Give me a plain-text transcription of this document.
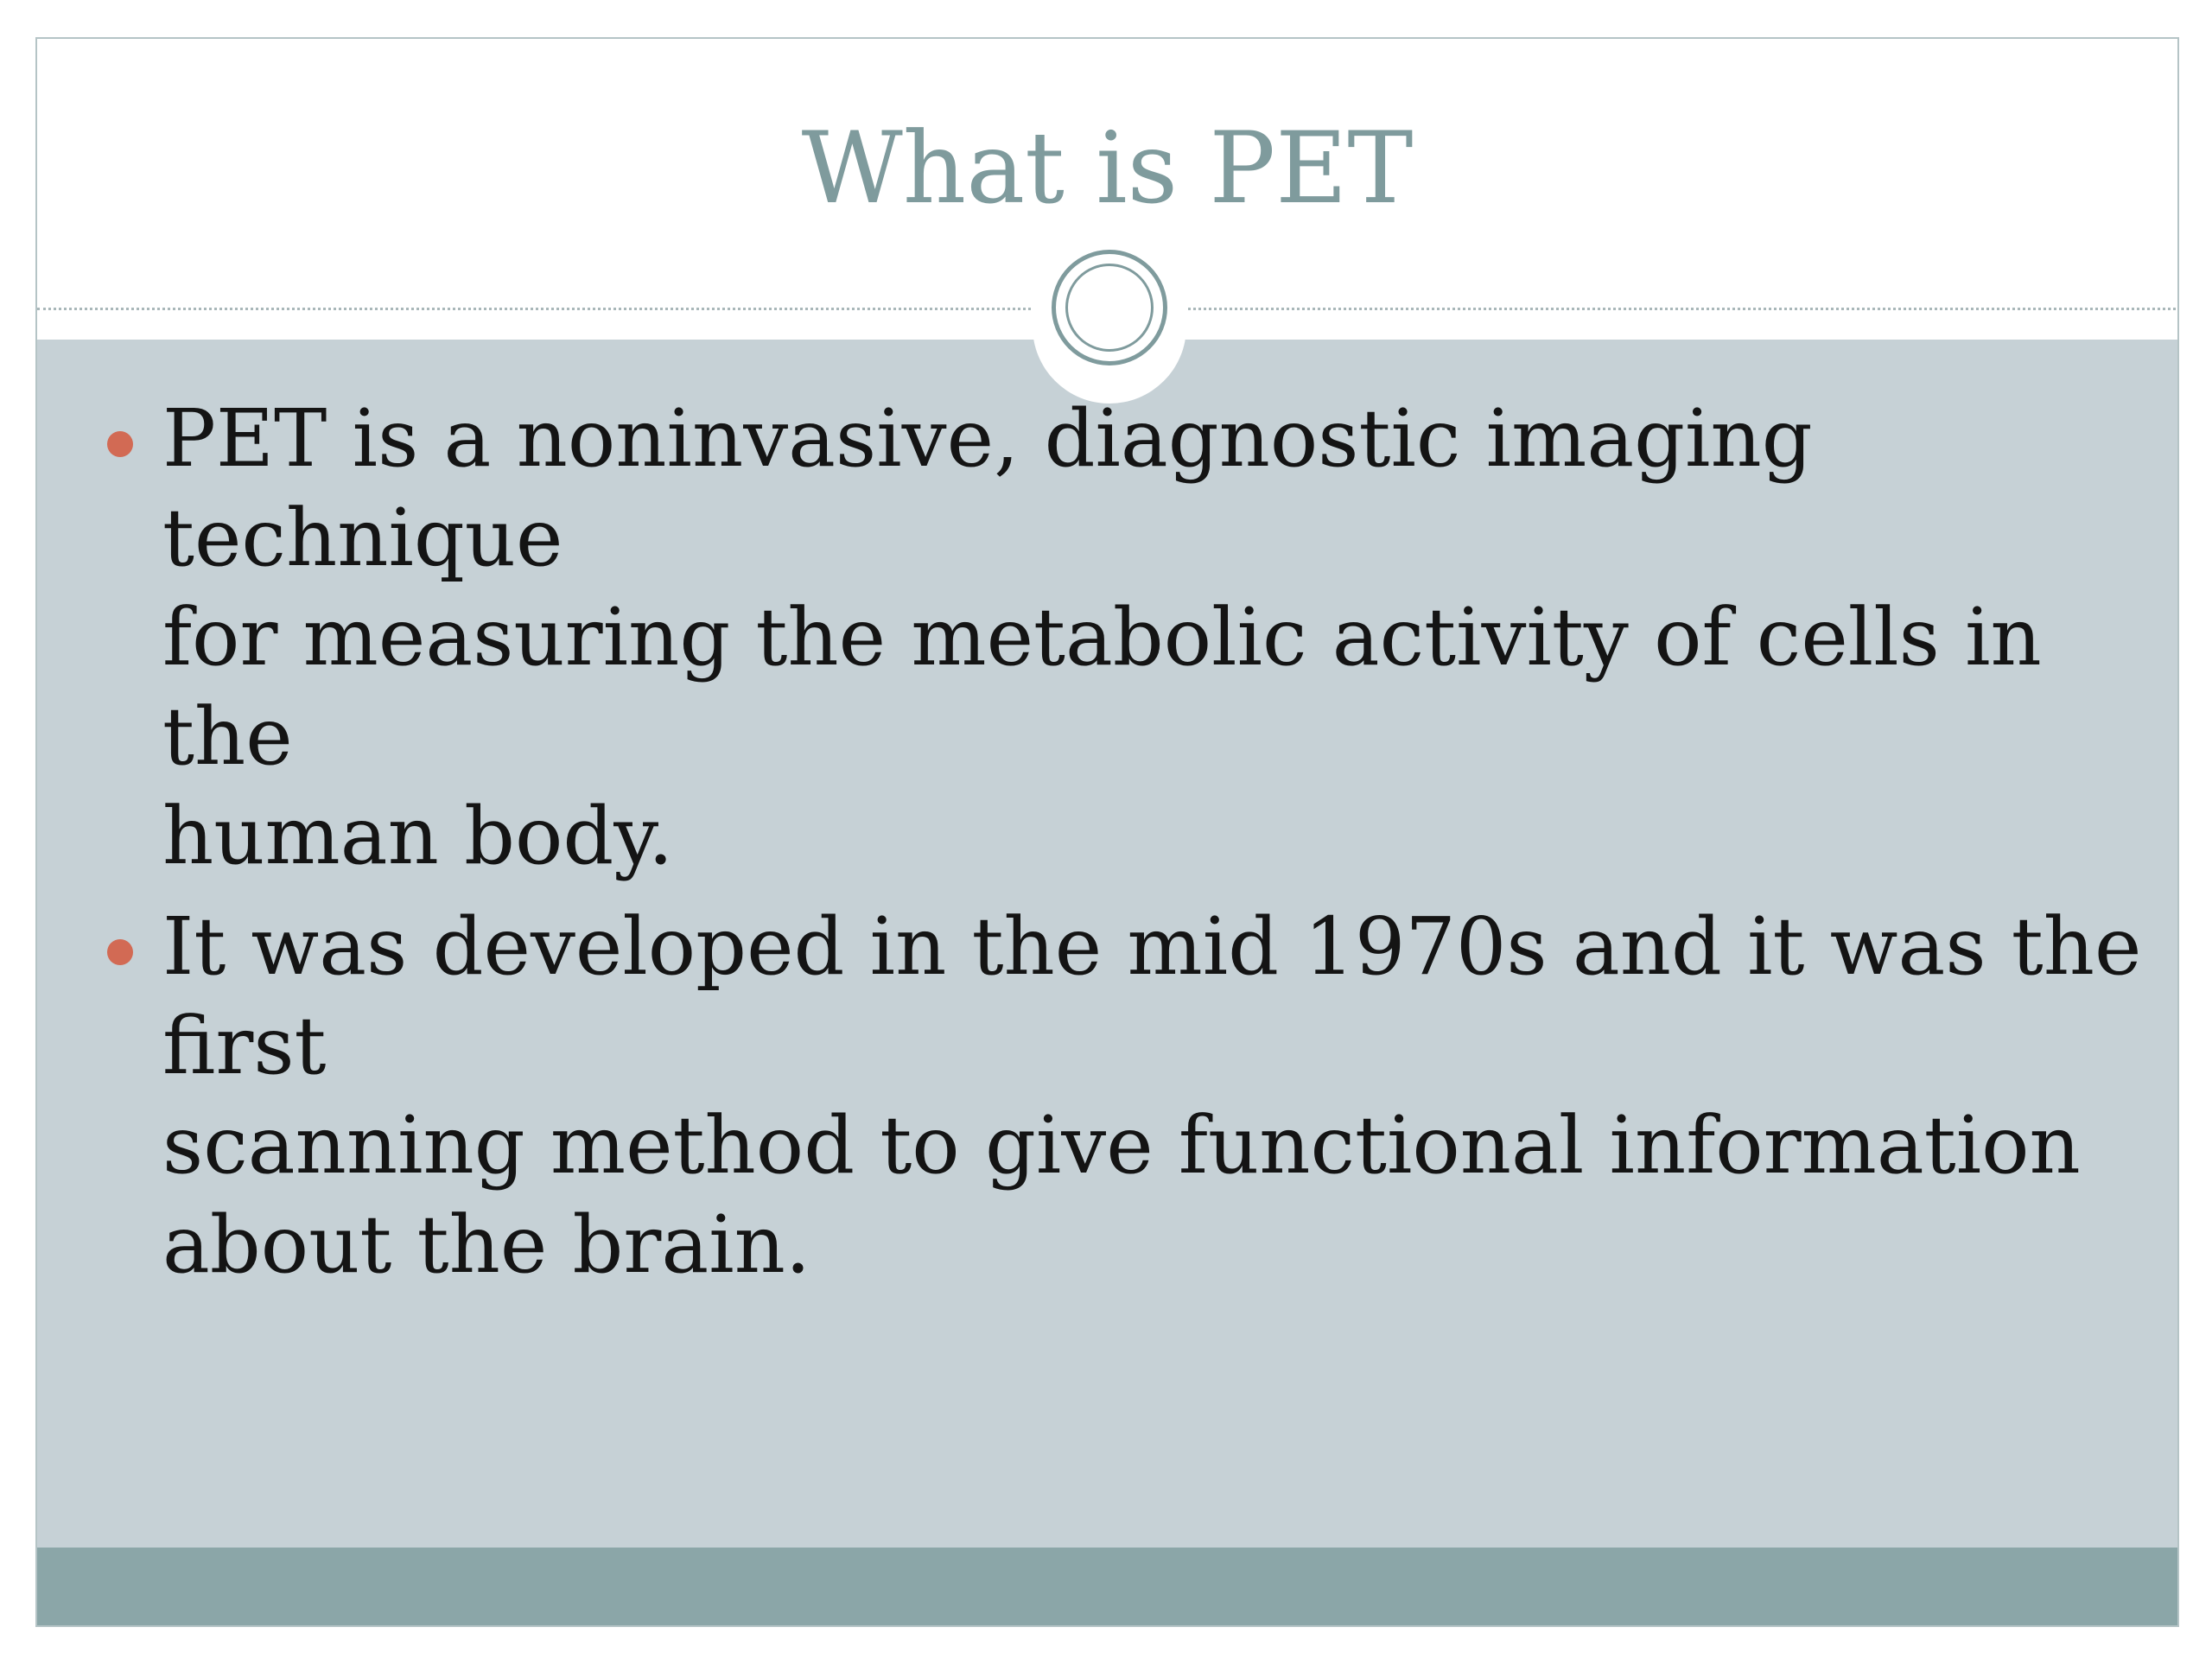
What is PET
PET is a noninvasive, diagnostic imaging technique
for measuring the metabolic activity of cells in the
human body.
It was developed in the mid 1970s and it was the first
scanning method to give functional information
about the brain.
